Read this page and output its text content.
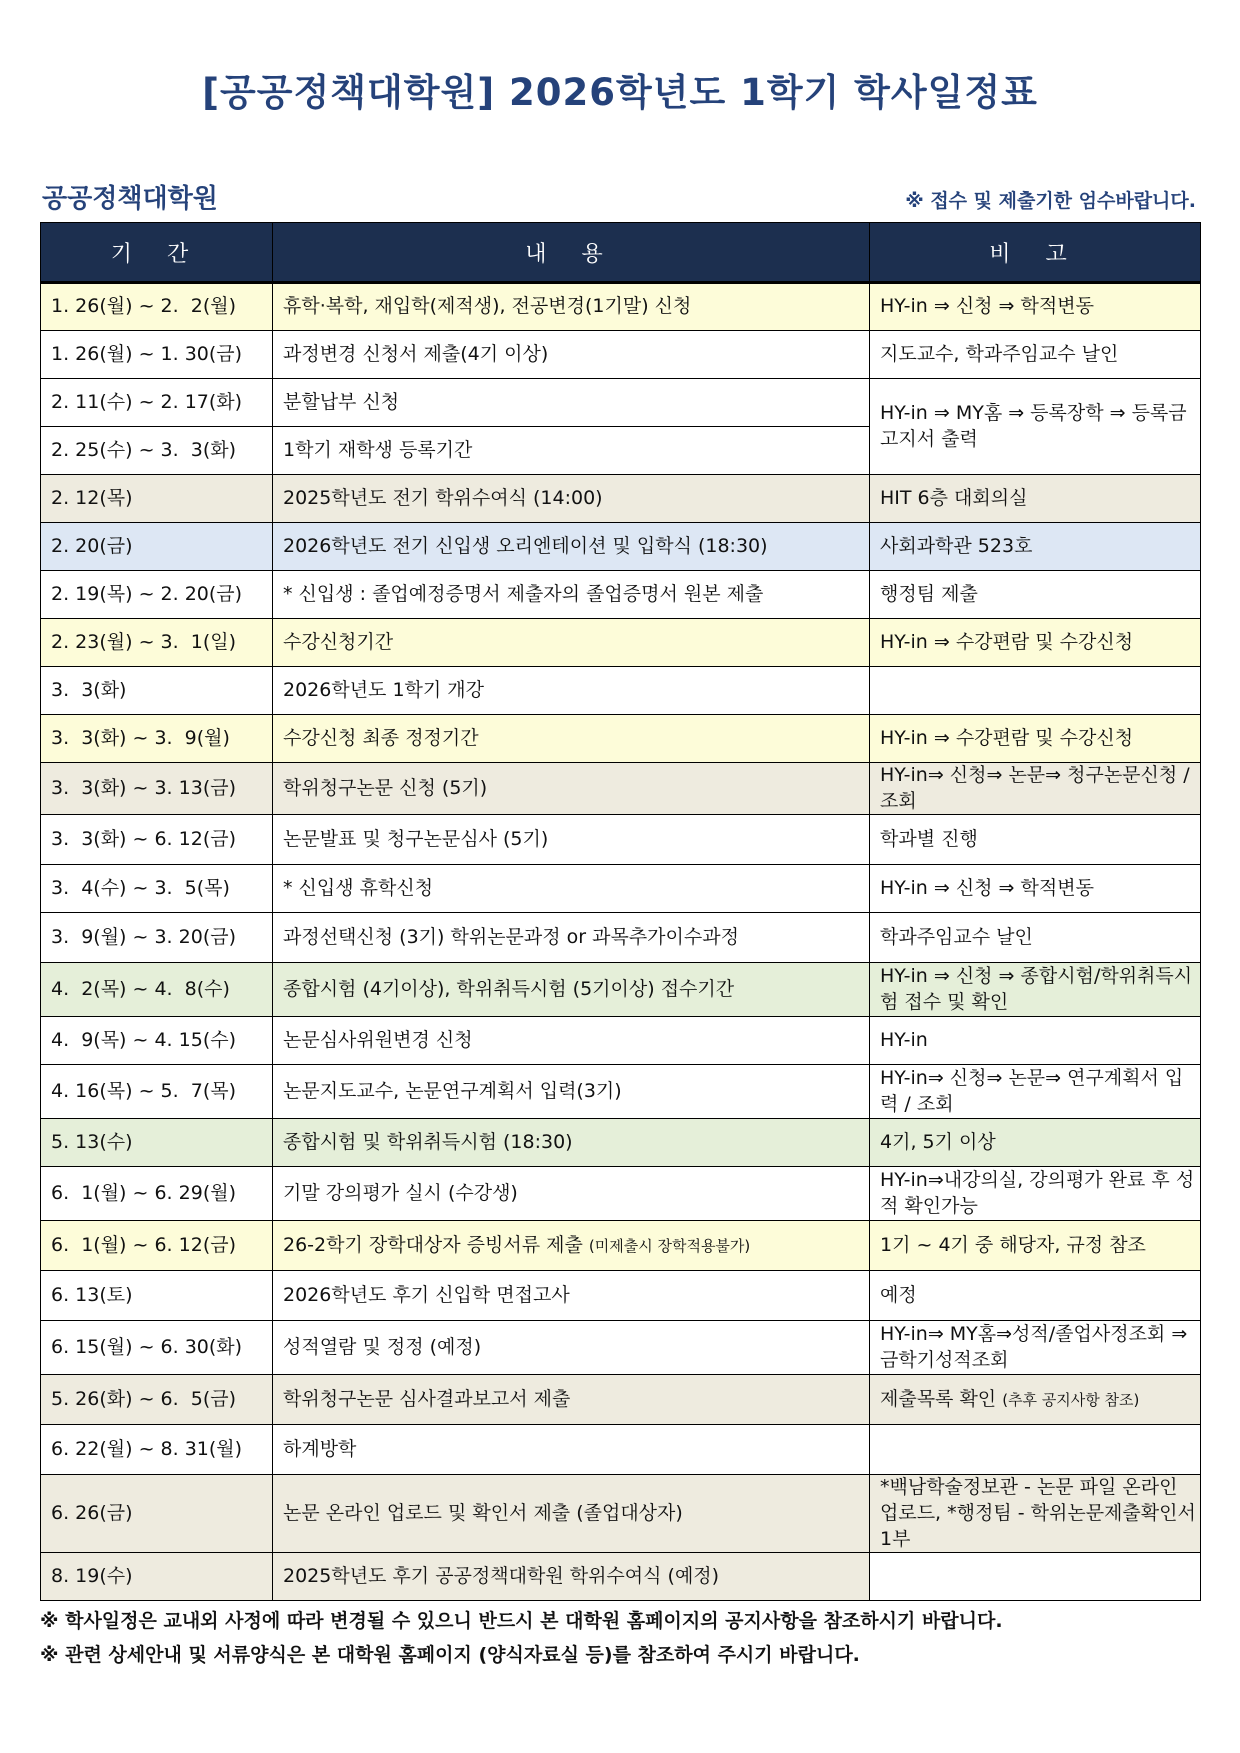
[공공정책대학원] 2026학년도 1학기 학사일정표
공공정책대학원	※ 접수 및 제출기한 엄수바랍니다.
기 간	내 용	비 고
1. 26(월) ~ 2.  2(월)	휴학·복학, 재입학(제적생), 전공변경(1기말) 신청	HY-in ⇒ 신청 ⇒ 학적변동
1. 26(월) ~ 1. 30(금)	과정변경 신청서 제출(4기 이상)	지도교수, 학과주임교수 날인
2. 11(수) ~ 2. 17(화)	분할납부 신청	HY-in ⇒ MY홈 ⇒ 등록장학 ⇒ 등록금 고지서 출력
2. 25(수) ~ 3.  3(화)	1학기 재학생 등록기간	
2. 12(목)	2025학년도 전기 학위수여식 (14:00)	HIT 6층 대회의실
2. 20(금)	2026학년도 전기 신입생 오리엔테이션 및 입학식 (18:30)	사회과학관 523호
2. 19(목) ~ 2. 20(금)	* 신입생 : 졸업예정증명서 제출자의 졸업증명서 원본 제출	행정팀 제출
2. 23(월) ~ 3.  1(일)	수강신청기간	HY-in ⇒ 수강편람 및 수강신청
3.  3(화)	2026학년도 1학기 개강	
3.  3(화) ~ 3.  9(월)	수강신청 최종 정정기간	HY-in ⇒ 수강편람 및 수강신청
3.  3(화) ~ 3. 13(금)	학위청구논문 신청 (5기)	HY-in⇒ 신청⇒ 논문⇒ 청구논문신청 /조회
3.  3(화) ~ 6. 12(금)	논문발표 및 청구논문심사 (5기)	학과별 진행
3.  4(수) ~ 3.  5(목)	* 신입생 휴학신청	HY-in ⇒ 신청 ⇒ 학적변동
3.  9(월) ~ 3. 20(금)	과정선택신청 (3기) 학위논문과정 or 과목추가이수과정	학과주임교수 날인
4.  2(목) ~ 4.  8(수)	종합시험 (4기이상), 학위취득시험 (5기이상) 접수기간	HY-in ⇒ 신청 ⇒ 종합시험/학위취득시험 접수 및 확인
4.  9(목) ~ 4. 15(수)	논문심사위원변경 신청	HY-in
4. 16(목) ~ 5.  7(목)	논문지도교수, 논문연구계획서 입력(3기)	HY-in⇒ 신청⇒ 논문⇒ 연구계획서 입력 / 조회
5. 13(수)	종합시험 및 학위취득시험 (18:30)	4기, 5기 이상
6.  1(월) ~ 6. 29(월)	기말 강의평가 실시 (수강생)	HY-in⇒내강의실, 강의평가 완료 후 성적 확인가능
6.  1(월) ~ 6. 12(금)	26-2학기 장학대상자 증빙서류 제출 (미제출시 장학적용불가)	1기 ~ 4기 중 해당자, 규정 참조
6. 13(토)	2026학년도 후기 신입학 면접고사	예정
6. 15(월) ~ 6. 30(화)	성적열람 및 정정 (예정)	HY-in⇒ MY홈⇒성적/졸업사정조회 ⇒ 금학기성적조회
5. 26(화) ~ 6.  5(금)	학위청구논문 심사결과보고서 제출	제출목록 확인 (추후 공지사항 참조)
6. 22(월) ~ 8. 31(월)	하계방학	
6. 26(금)	논문 온라인 업로드 및 확인서 제출 (졸업대상자)	*백남학술정보관 - 논문 파일 온라인 업로드, *행정팀 - 학위논문제출확인서 1부
8. 19(수)	2025학년도 후기 공공정책대학원 학위수여식 (예정)	
※ 학사일정은 교내외 사정에 따라 변경될 수 있으니 반드시 본 대학원 홈페이지의 공지사항을 참조하시기 바랍니다.
※ 관련 상세안내 및 서류양식은 본 대학원 홈페이지 (양식자료실 등)를 참조하여 주시기 바랍니다.
